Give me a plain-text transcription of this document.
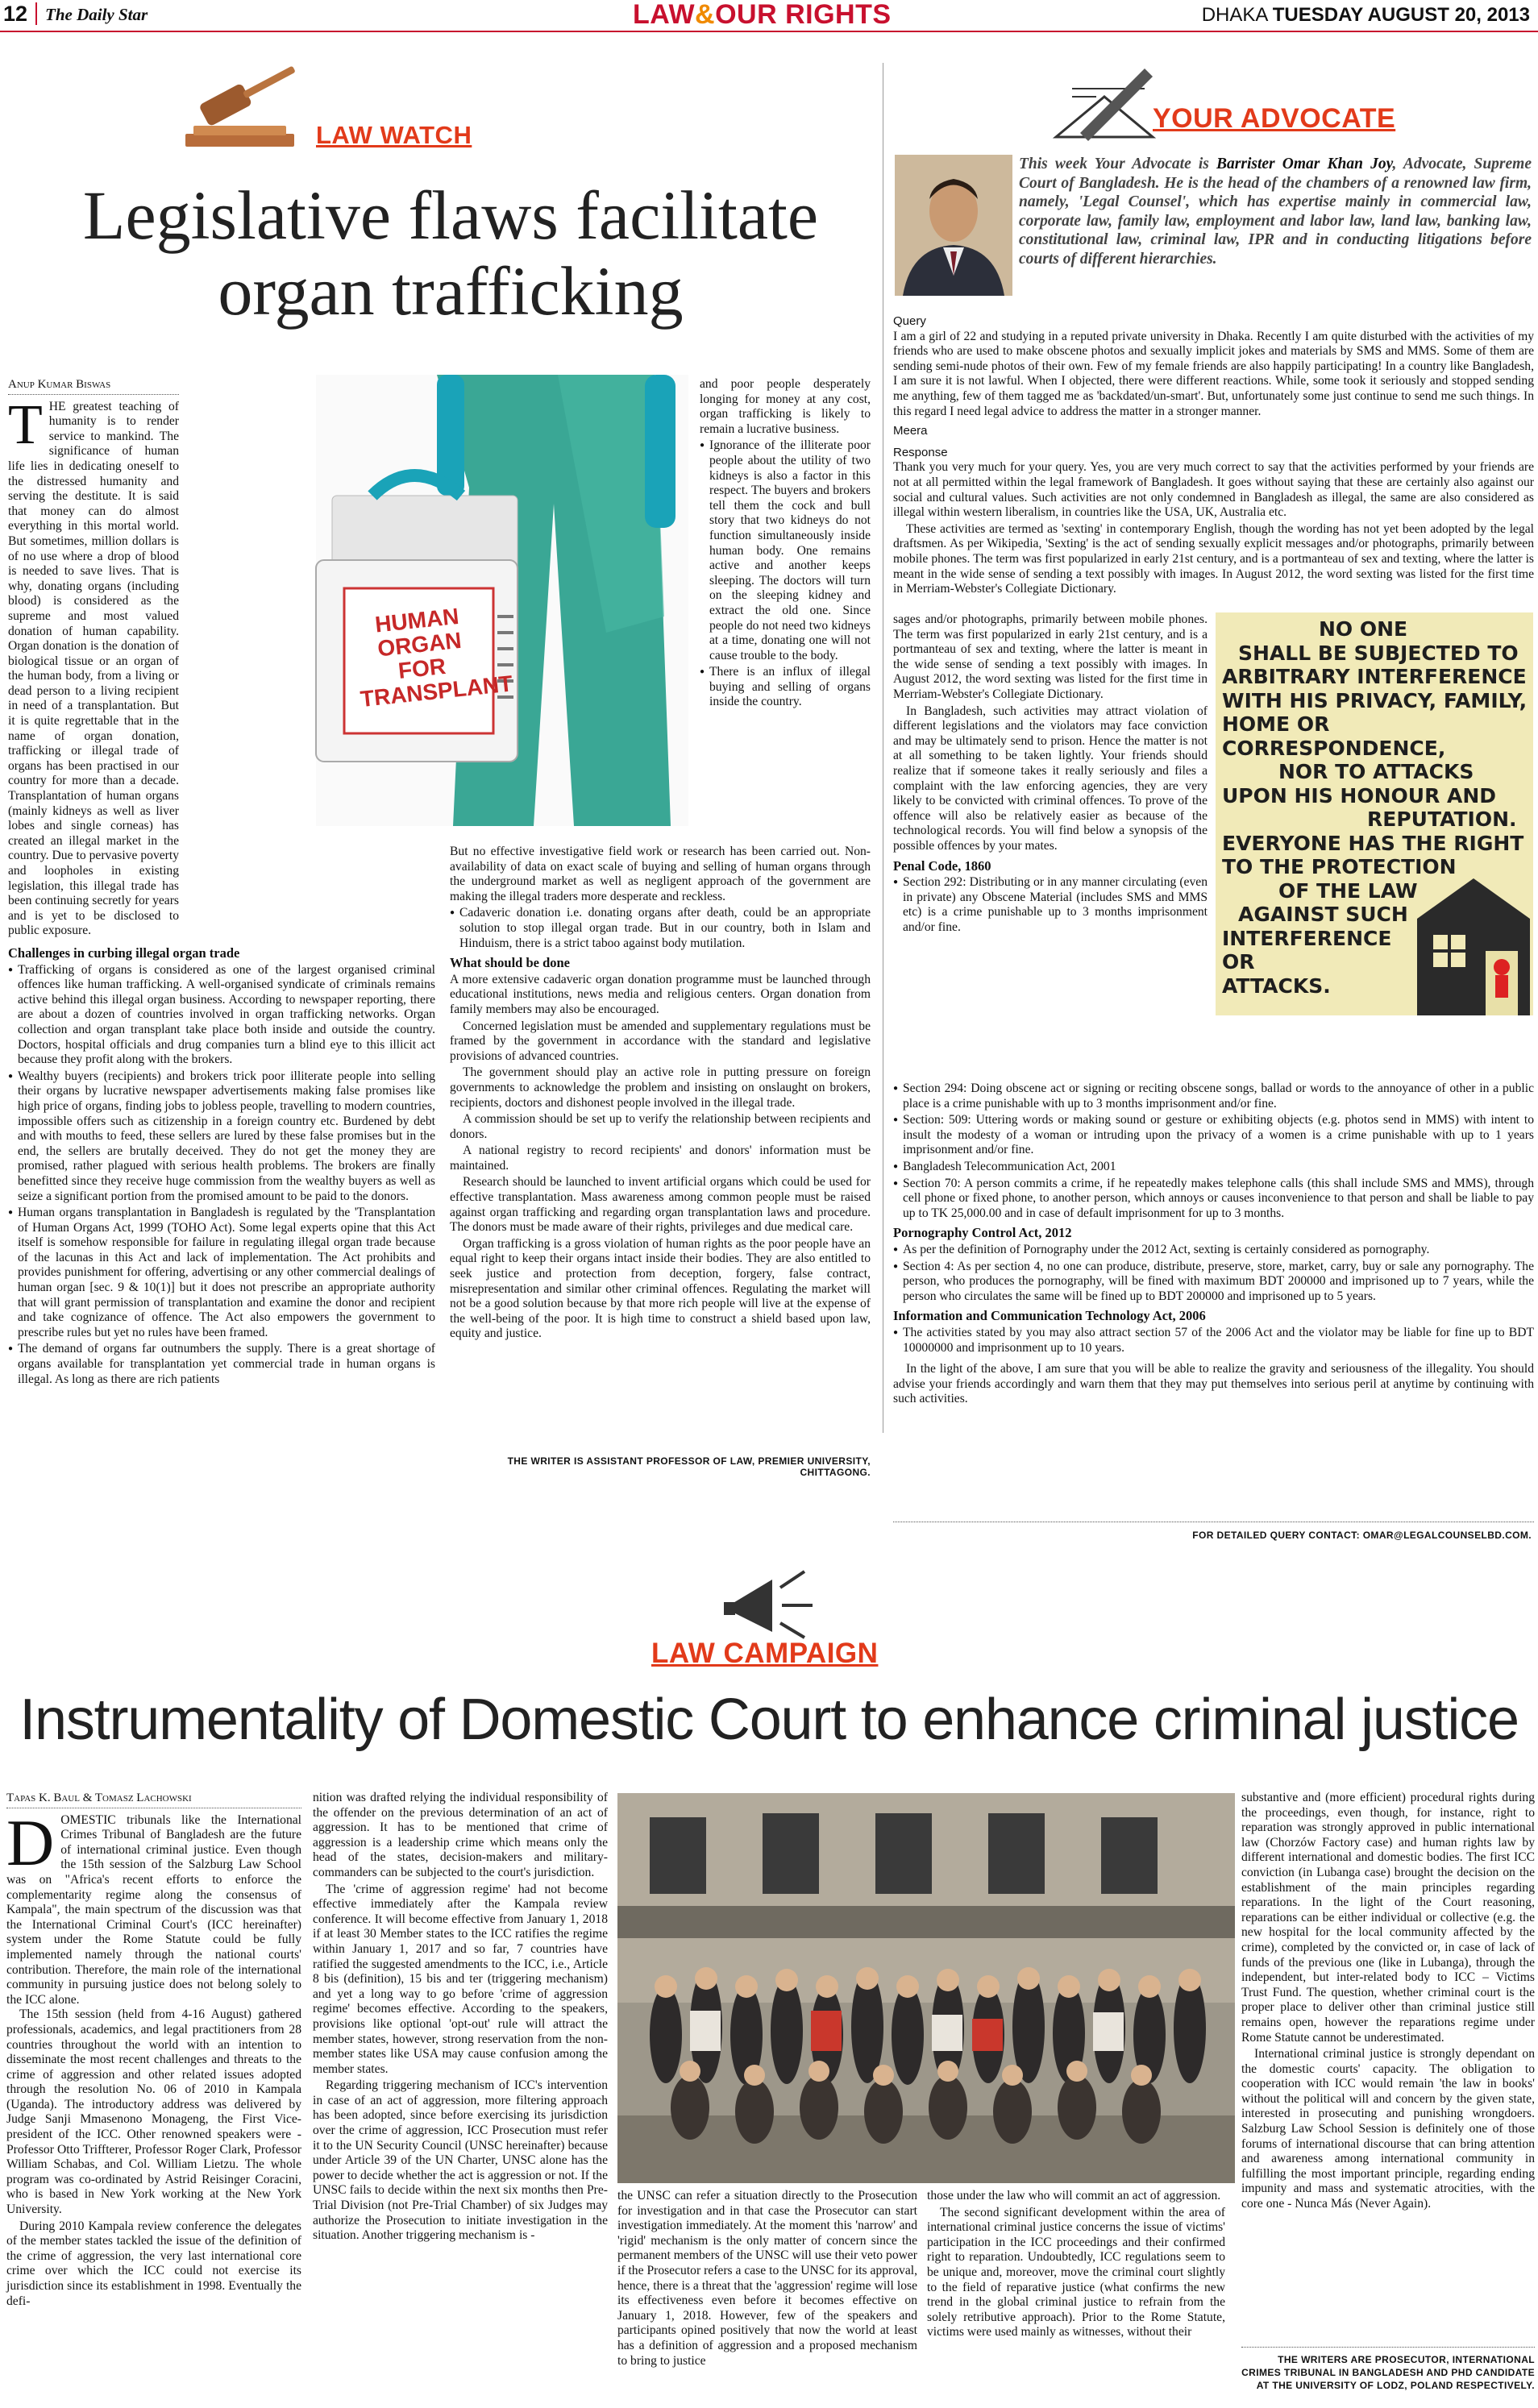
12 The Daily Star	LAW&OUR RIGHTS	DHAKA TUESDAY AUGUST 20, 2013
LAW WATCH
Legislative flaws facilitate
organ trafficking
HUMAN ORGAN FOR TRANSPLANT
Anup Kumar Biswas
T HE greatest teaching of humanity is to render service to mankind. The significance of human life lies in dedicating oneself to the distressed humanity and serving the destitute. It is said that money can do almost everything in this mortal world. But sometimes, million dollars is of no use where a drop of blood is needed to save lives. That is why, donating organs (including blood) is considered as the supreme and most valued donation of human capability. Organ donation is the donation of biological tissue or an organ of the human body, from a living or dead person to a living recipient in need of a transplantation. But it is quite regrettable that in the name of organ donation, trafficking or illegal trade of organs has been practised in our country for more than a decade. Transplantation of human organs (mainly kidneys as well as liver lobes and single corneas) has created an illegal market in the country. Due to pervasive poverty and loopholes in existing legislation, this illegal trade has been continuing secretly for years and is yet to be disclosed to public exposure.
Challenges in curbing illegal organ trade
● Trafficking of organs is considered as one of the largest organised criminal offences like human trafficking. A well-organised syndicate of criminals remains active behind this illegal organ business. According to newspaper reporting, there are about a dozen of countries involved in organ trafficking networks. Organ collection and organ transplant take place both inside and outside the country. Doctors, hospital officials and drug companies turn a blind eye to this illicit act because they profit along with the brokers.
● Wealthy buyers (recipients) and brokers trick poor illiterate people into selling their organs by lucrative newspaper advertisements making false promises like high price of organs, finding jobs to jobless people, travelling to modern countries, impossible offers such as citizenship in a foreign country etc. Burdened by debt and with mouths to feed, these sellers are lured by these false promises but in the end, the sellers are brutally deceived. They do not get the money they are promised, rather plagued with serious health problems. The brokers are finally benefitted since they receive huge commission from the wealthy buyers as well as seize a significant portion from the promised amount to be paid to the donors.
● Human organs transplantation in Bangladesh is regulated by the 'Transplantation of Human Organs Act, 1999 (TOHO Act). Some legal experts opine that this Act itself is somehow responsible for failure in regulating illegal organ trade because of the lacunas in this Act and lack of implementation. The Act prohibits and provides punishment for offering, advertising or any other commercial dealings of human organ [sec. 9 & 10(1)] but it does not prescribe an appropriate authority that will grant permission of transplantation and examine the donor and recipient and take cognizance of offence. The Act also empowers the government to prescribe rules but yet no rules have been framed.
● The demand of organs far outnumbers the supply. There is a great shortage of organs available for transplantation yet commercial trade in human organs is illegal. As long as there are rich patients

and poor people desperately longing for money at any cost, organ trafficking is likely to remain a lucrative business.

● Ignorance of the illiterate poor people about the utility of two kidneys is also a factor in this respect. The buyers and brokers tell them the cock and bull story that two kidneys do not function simultaneously inside human body. One remains active and another keeps sleeping. The doctors will turn on the sleeping kidney and extract the old one. Since people do not need two kidneys at a time, donating one will not cause trouble to the body.
● There is an influx of illegal buying and selling of organs inside the country.

But no effective investigative field work or research has been carried out. Non-availability of data on exact scale of buying and selling of human organs through the underground market as well as negligent approach of the government are making the illegal traders more desperate and reckless.

● Cadaveric donation i.e. donating organs after death, could be an appropriate solution to stop illegal organ trade. But in our country, both in Islam and Hinduism, there is a strict taboo against body mutilation.
What should be done

A more extensive cadaveric organ donation programme must be launched through educational institutions, news media and religious centers. Organ donation from family members may also be encouraged.

Concerned legislation must be amended and supplementary regulations must be framed by the government in accordance with the standard and legislative provisions of advanced countries.

The government should play an active role in putting pressure on foreign governments to acknowledge the problem and insisting on onslaught on brokers, recipients, doctors and dishonest people involved in the illegal trade.

A commission should be set up to verify the relationship between recipients and donors.

A national registry to record recipients' and donors' information must be maintained.

Research should be launched to invent artificial organs which could be used for effective transplantation. Mass awareness among common people must be raised against organ trafficking and regarding organ transplantation laws and procedure. The donors must be made aware of their rights, privileges and due medical care.

Organ trafficking is a gross violation of human rights as the poor people have an equal right to keep their organs intact inside their bodies. They are also entitled to seek justice and protection from deception, forgery, false contract, misrepresentation and similar other criminal offences. Regulating the market will not be a good solution because by that more rich people will live at the expense of the well-being of the poor. It is high time to construct a shield based upon law, equity and justice.

THE WRITER IS ASSISTANT PROFESSOR OF LAW, PREMIER UNIVERSITY, CHITTAGONG.
YOUR ADVOCATE
This week Your Advocate is Barrister Omar Khan Joy, Advocate, Supreme Court of Bangladesh. He is the head of the chambers of a renowned law firm, namely, 'Legal Counsel', which has expertise mainly in commercial law, corporate law, family law, employment and labor law, land law, banking law, constitutional law, criminal law, IPR and in conducting litigations before courts of different hierarchies.
Query

I am a girl of 22 and studying in a reputed private university in Dhaka. Recently I am quite disturbed with the activities of my friends who are used to make obscene photos and sexually implicit jokes and materials by SMS and MMS. Some of them are sending semi-nude photos of their own. Few of my female friends are also happily participating! In a country like Bangladesh, I am sure it is not lawful. When I objected, there were different reactions. While, some took it seriously and stopped sending me anything, few of them tagged me as 'backdated/un-smart'. But, unfortunately some just continue to send me such things. In this regard I need legal advice to address the matter in a stronger manner.

Meera
Response

Thank you very much for your query. Yes, you are very much correct to say that the activities performed by your friends are not at all permitted within the legal framework of Bangladesh. It goes without saying that these are certainly also against our social and cultural values. Such activities are not only condemned in Bangladesh as illegal, the same are also considered as illegal within western liberalism, in countries like the USA, UK, Australia etc.

These activities are termed as 'sexting' in contemporary English, though the wording has not yet been adopted by the legal draftsmen. As per Wikipedia, 'Sexting' is the act of sending sexually explicit messages and/or photographs, primarily between mobile phones. The term was first popularized in early 21st century, and is a portmanteau of sex and texting, where the latter is meant in the wide sense of sending a text possibly with images. In August 2012, the word sexting was listed for the first time in Merriam-Webster's Collegiate Dictionary.

NO ONE
SHALL BE SUBJECTED TO
ARBITRARY INTERFERENCE
WITH HIS PRIVACY, FAMILY,
HOME OR CORRESPONDENCE,
NOR TO ATTACKS
UPON HIS HONOUR AND
REPUTATION.
EVERYONE HAS THE RIGHT
TO THE PROTECTION
OF THE LAW
AGAINST SUCH
INTERFERENCE
OR
ATTACKS.

sages and/or photographs, primarily between mobile phones. The term was first popularized in early 21st century, and is a portmanteau of sex and texting, where the latter is meant in the wide sense of sending a text possibly with images. In August 2012, the word sexting was listed for the first time in Merriam-Webster's Collegiate Dictionary.

In Bangladesh, such activities may attract violation of different legislations and the violators may face conviction and may be ultimately send to prison. Hence the matter is not at all something to be taken lightly. Your friends should realize that if someone takes it really seriously and files a complaint with the law enforcing agencies, they are very likely to be convicted with criminal offences. To prove of the offence will also be relatively easier as because of the technological records. You will find below a synopsis of the possible offences by your mates.

Penal Code, 1860
● Section 292: Distributing or in any manner circulating (even in private) any Obscene Material (includes SMS and MMS etc) is a crime punishable up to 3 months imprisonment and/or fine.
● Section 294: Doing obscene act or signing or reciting obscene songs, ballad or words to the annoyance of other in a public place is a crime punishable with up to 3 months imprisonment and/or fine.
● Section: 509: Uttering words or making sound or gesture or exhibiting objects (e.g. photos send in MMS) with intent to insult the modesty of a woman or intruding upon the privacy of a women is a crime punishable with up to 1 years imprisonment and/or fine.
● Bangladesh Telecommunication Act, 2001
● Section 70: A person commits a crime, if he repeatedly makes telephone calls (this shall include SMS and MMS), through cell phone or fixed phone, to another person, which annoys or causes inconvenience to that person and shall be liable to pay up to TK 25,000.00 and in case of default imprisonment for up to 3 months.
Pornography Control Act, 2012
● As per the definition of Pornography under the 2012 Act, sexting is certainly considered as pornography.
● Section 4: As per section 4, no one can produce, distribute, preserve, store, market, carry, buy or sale any pornography. The person, who produces the pornography, will be fined with maximum BDT 200000 and imprisoned up to 7 years, while the person who circulates the same will be fined up to BDT 200000 and imprisoned up to 5 years.
Information and Communication Technology Act, 2006
● The activities stated by you may also attract section 57 of the 2006 Act and the violator may be liable for fine up to BDT 10000000 and imprisonment up to 10 years.

In the light of the above, I am sure that you will be able to realize the gravity and seriousness of the illegality. You should advise your friends accordingly and warn them that they may put themselves into serious peril at anytime by continuing with such activities.

FOR DETAILED QUERY CONTACT: OMAR@LEGALCOUNSELBD.COM.
LAW CAMPAIGN
Instrumentality of Domestic Court to enhance criminal justice
Tapas K. Baul & Tomasz Lachowski
D OMESTIC tribunals like the International Crimes Tribunal of Bangladesh are the future of international criminal justice. Even though the 15th session of the Salzburg Law School was on "Africa's recent efforts to enforce the complementarity regime along the consensus of Kampala", the main spectrum of the discussion was that the International Criminal Court's (ICC hereinafter) system under the Rome Statute could be fully implemented namely through the national courts' contribution. Therefore, the main role of the international community in pursuing justice does not belong solely to the ICC alone.

The 15th session (held from 4-16 August) gathered professionals, academics, and legal practitioners from 28 countries throughout the world with an intention to disseminate the most recent challenges and threats to the crime of aggression and other related issues adopted through the resolution No. 06 of 2010 in Kampala (Uganda). The introductory address was delivered by Judge Sanji Mmasenono Monageng, the First Vice-president of the ICC. Other renowned speakers were - Professor Otto Triffterer, Professor Roger Clark, Professor William Schabas, and Col. William Lietzu. The whole program was co-ordinated by Astrid Reisinger Coracini, who is based in New York working at the New York University.

During 2010 Kampala review conference the delegates of the member states tackled the issue of the definition of the crime of aggression, the very last international core crime over which the ICC could not exercise its jurisdiction since its establishment in 1998. Eventually the defi-

nition was drafted relying the individual responsibility of the offender on the previous determination of an act of aggression. It has to be mentioned that crime of aggression is a leadership crime which means only the head of the states, decision-makers and military-commanders can be subjected to the court's jurisdiction.

The 'crime of aggression regime' had not become effective immediately after the Kampala review conference. It will become effective from January 1, 2018 if at least 30 Member states to the ICC ratifies the regime within January 1, 2017 and so far, 7 countries have ratified the suggested amendments to the ICC, i.e., Article 8 bis (definition), 15 bis and ter (triggering mechanism) and yet a long way to go before 'crime of aggression regime' becomes effective. According to the speakers, provisions like optional 'opt-out' rule will attract the member states, however, strong reservation from the non-member states like USA may cause confusion among the member states.

Regarding triggering mechanism of ICC's intervention in case of an act of aggression, more filtering approach has been adopted, since before exercising its jurisdiction over the crime of aggression, ICC Prosecution must refer it to the UN Security Council (UNSC hereinafter) because under Article 39 of the UN Charter, UNSC alone has the power to decide whether the act is aggression or not. If the UNSC fails to decide within the next six months then Pre-Trial Division (not Pre-Trial Chamber) of six Judges may authorize the Prosecution to initiate investigation in the situation. Another triggering mechanism is -

the UNSC can refer a situation directly to the Prosecution for investigation and in that case the Prosecutor can start investigation immediately. At the moment this 'narrow' and 'rigid' mechanism is the only matter of concern since the permanent members of the UNSC will use their veto power if the Prosecutor refers a case to the UNSC for its approval, hence, there is a threat that the 'aggression' regime will lose its effectiveness even before it becomes effective on January 1, 2018. However, few of the speakers and participants opined positively that now the world at least has a definition of aggression and a proposed mechanism to bring to justice

those under the law who will commit an act of aggression.

The second significant development within the area of international criminal justice concerns the issue of victims' participation in the ICC proceedings and their confirmed right to reparation. Undoubtedly, ICC regulations seem to be unique and, moreover, move the criminal court slightly to the field of reparative justice (what confirms the new trend in the global criminal justice to refrain from the solely retributive approach). Prior to the Rome Statute, victims were used mainly as witnesses, without their

substantive and (more efficient) procedural rights during the proceedings, even though, for instance, right to reparation was strongly approved in public international law (Chorzów Factory case) and human rights law by different international and domestic bodies. The first ICC conviction (in Lubanga case) brought the decision on the establishment of the main principles regarding reparations. In the light of the Court reasoning, reparations can be either individual or collective (e.g. the new hospital for the local community affected by the crime), completed by the convicted or, in case of lack of funds of the previous one (like in Lubanga), through the independent, but inter-related body to ICC – Victims Trust Fund. The question, whether criminal court is the proper place to deliver other than criminal justice still remains open, however the reparations regime under Rome Statute cannot be underestimated.

International criminal justice is strongly dependant on the domestic courts' capacity. The obligation to cooperation with ICC would remain 'the law in books' without the political will and concern by the given state, interested in prosecuting and punishing wrongdoers. Salzburg Law School Session is definitely one of those forums of international discourse that can bring attention and awareness among international community in fulfilling the most important principle, regarding ending impunity and mass and systematic atrocities, with the core one - Nunca Más (Never Again).

THE WRITERS ARE PROSECUTOR, INTERNATIONAL CRIMES TRIBUNAL IN BANGLADESH AND PHD CANDIDATE AT THE UNIVERSITY OF LODZ, POLAND RESPECTIVELY.
